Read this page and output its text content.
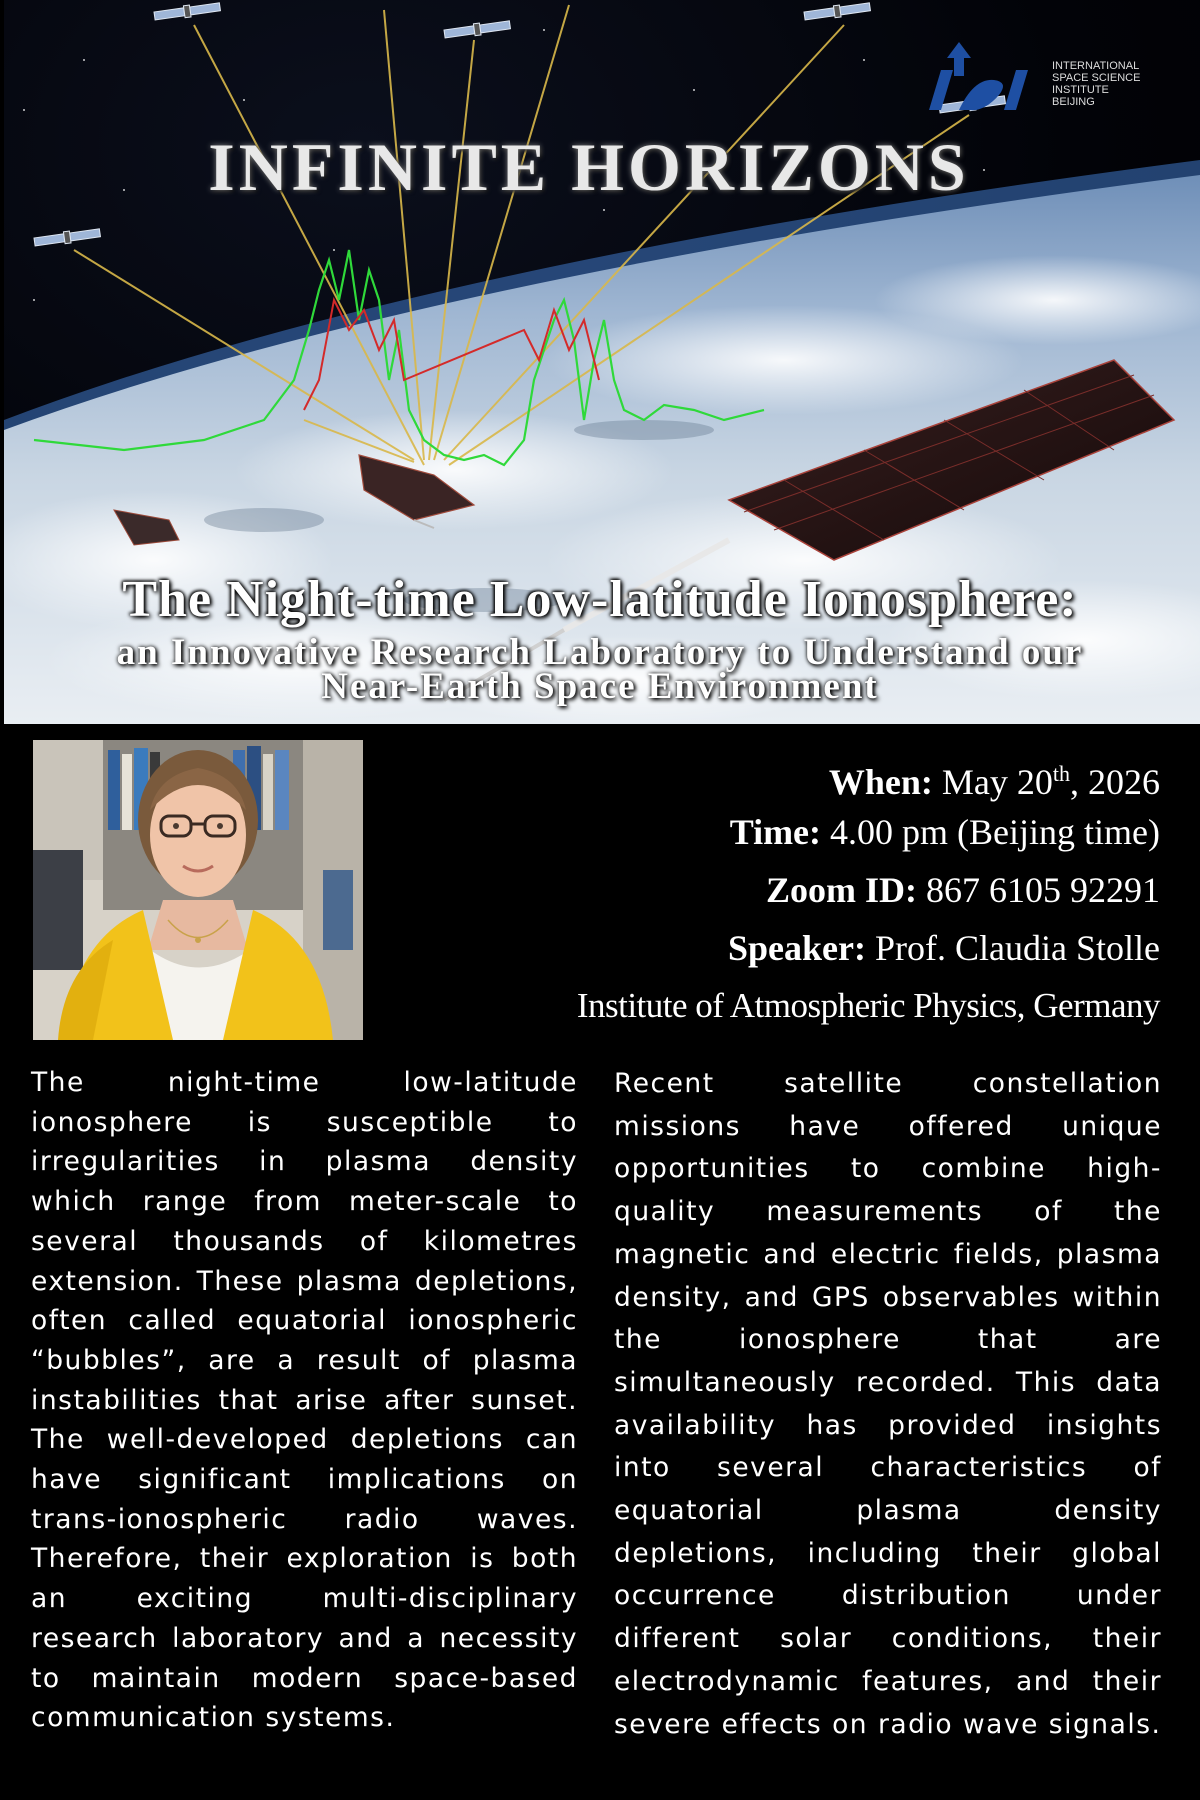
INTERNATIONAL
SPACE SCIENCE
INSTITUTE
BEIJING
INFINITE HORIZONS
The Night-time Low-latitude Ionosphere:
an Innovative Research Laboratory to Understand our
Near-Earth Space Environment
When: May 20th, 2026
Time: 4.00 pm (Beijing time)
Zoom ID: 867 6105 92291
Speaker: Prof. Claudia Stolle
Institute of Atmospheric Physics, Germany
The night-time low-latitude ionosphere is susceptible to irregularities in plasma density which range from meter-scale to several thousands of kilometres extension. These plasma depletions, often called equatorial ionospheric “bubbles”, are a result of plasma instabilities that arise after sunset. The well-developed depletions can have significant implications on trans-ionospheric radio waves. Therefore, their exploration is both an exciting multi-disciplinary research laboratory and a necessity to maintain modern space-based communication systems.
Recent satellite constellation missions have offered unique opportunities to combine high-quality measurements of the magnetic and electric fields, plasma density, and GPS observables within the ionosphere that are simultaneously recorded. This data availability has provided insights into several characteristics of equatorial plasma density depletions, including their global occurrence distribution under different solar conditions, their electrodynamic features, and their severe effects on radio wave signals.
